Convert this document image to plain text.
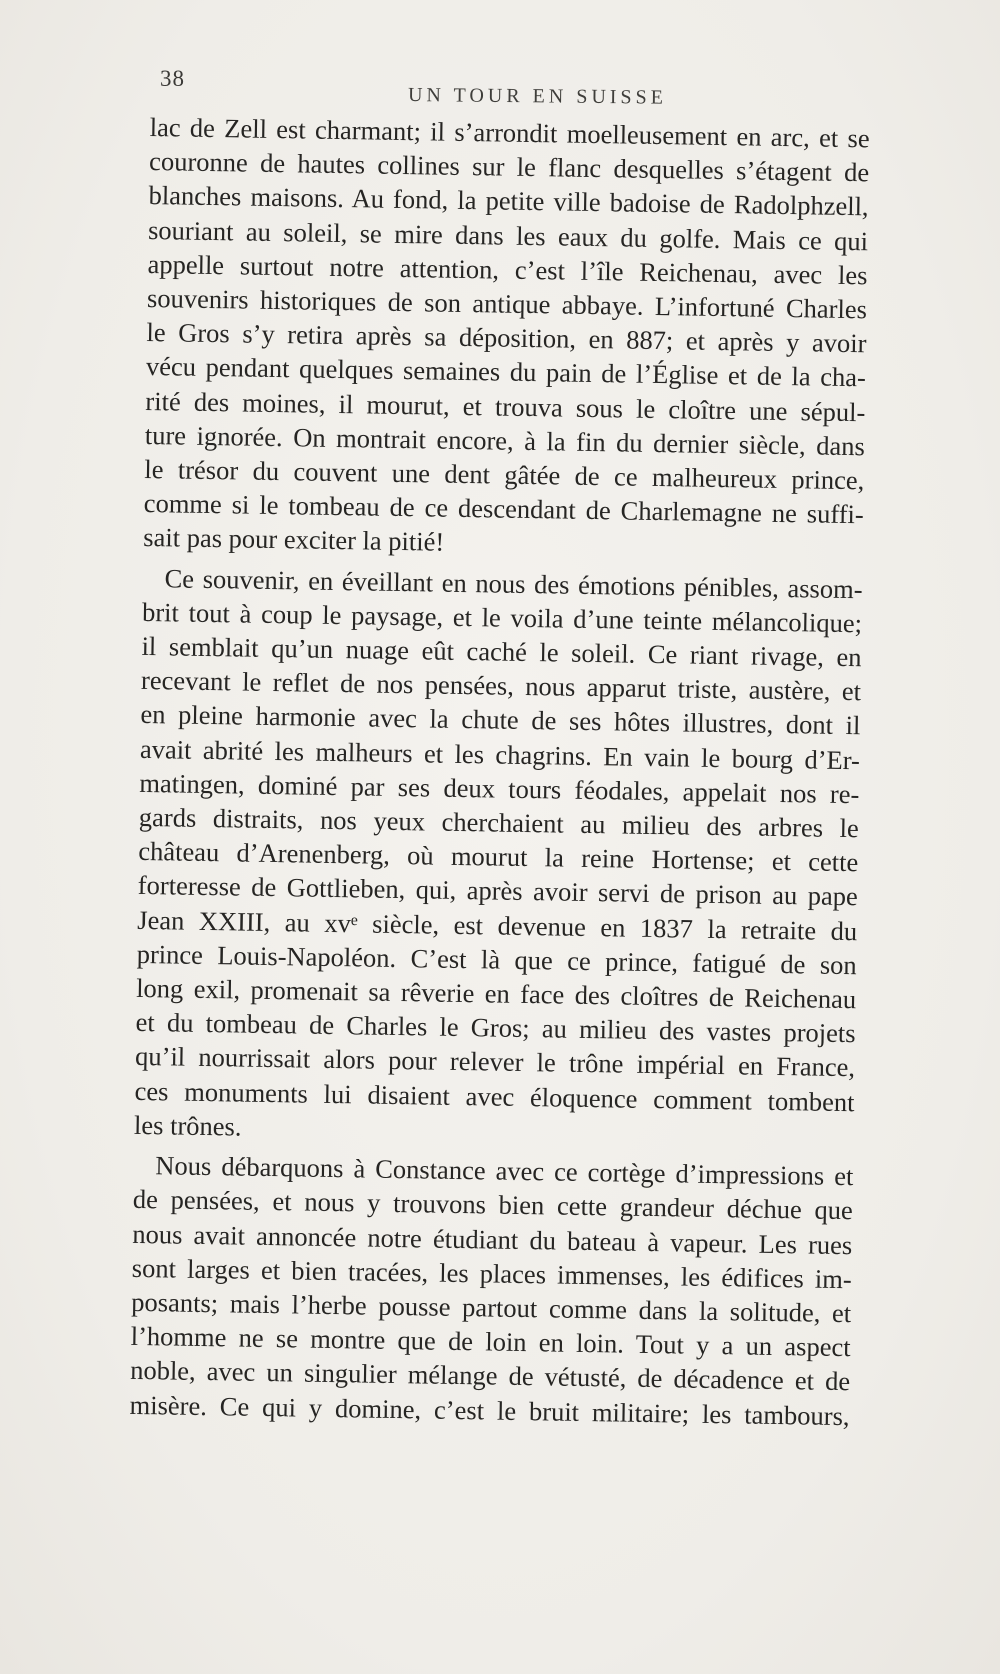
38
UN TOUR EN SUISSE

lac de Zell est charmant; il s’arrondit moelleusement en arc, et se
couronne de hautes collines sur le flanc desquelles s’étagent de
blanches maisons. Au fond, la petite ville badoise de Radolphzell,
souriant au soleil, se mire dans les eaux du golfe. Mais ce qui
appelle surtout notre attention, c’est l’île Reichenau, avec les
souvenirs historiques de son antique abbaye. L’infortuné Charles
le Gros s’y retira après sa déposition, en 887; et après y avoir
vécu pendant quelques semaines du pain de l’Église et de la cha-
rité des moines, il mourut, et trouva sous le cloître une sépul-
ture ignorée. On montrait encore, à la fin du dernier siècle, dans
le trésor du couvent une dent gâtée de ce malheureux prince,
comme si le tombeau de ce descendant de Charlemagne ne suffi-
sait pas pour exciter la pitié!

Ce souvenir, en éveillant en nous des émotions pénibles, assom-
brit tout à coup le paysage, et le voila d’une teinte mélancolique;
il semblait qu’un nuage eût caché le soleil. Ce riant rivage, en
recevant le reflet de nos pensées, nous apparut triste, austère, et
en pleine harmonie avec la chute de ses hôtes illustres, dont il
avait abrité les malheurs et les chagrins. En vain le bourg d’Er-
matingen, dominé par ses deux tours féodales, appelait nos re-
gards distraits, nos yeux cherchaient au milieu des arbres le
château d’Arenenberg, où mourut la reine Hortense; et cette
forteresse de Gottlieben, qui, après avoir servi de prison au pape
Jean XXIII, au xvᵉ siècle, est devenue en 1837 la retraite du
prince Louis-Napoléon. C’est là que ce prince, fatigué de son
long exil, promenait sa rêverie en face des cloîtres de Reichenau
et du tombeau de Charles le Gros; au milieu des vastes projets
qu’il nourrissait alors pour relever le trône impérial en France,
ces monuments lui disaient avec éloquence comment tombent
les trônes.

Nous débarquons à Constance avec ce cortège d’impressions et
de pensées, et nous y trouvons bien cette grandeur déchue que
nous avait annoncée notre étudiant du bateau à vapeur. Les rues
sont larges et bien tracées, les places immenses, les édifices im-
posants; mais l’herbe pousse partout comme dans la solitude, et
l’homme ne se montre que de loin en loin. Tout y a un aspect
noble, avec un singulier mélange de vétusté, de décadence et de
misère. Ce qui y domine, c’est le bruit militaire; les tambours,
